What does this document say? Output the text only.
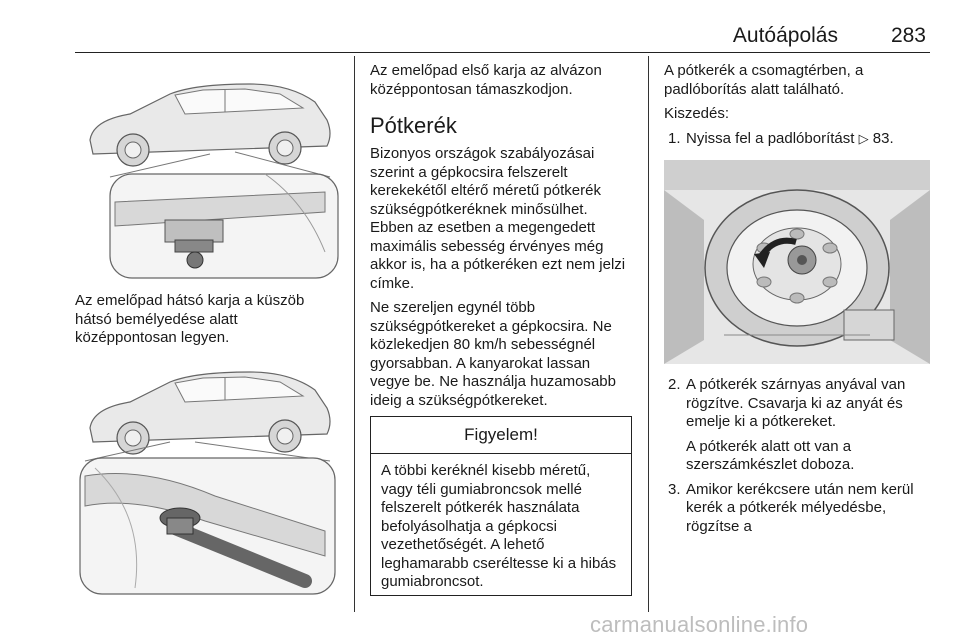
Autóápolás	283

Az emelőpad hátsó karja a küszöb hátsó bemélyedése alatt középpontosan legyen.

Az emelőpad első karja az alvázon középpontosan támaszkodjon.

Pótkerék

Bizonyos országok szabályozásai szerint a gépkocsira felszerelt kerekekétől eltérő méretű pótkerék szükségpótkeréknek minősülhet. Ebben az esetben a megengedett maximális sebesség érvényes még akkor is, ha a pótkeréken ezt nem jelzi címke.

Ne szereljen egynél több szükségpótkereket a gépkocsira. Ne közlekedjen 80 km/h sebességnél gyorsabban. A kanyarokat lassan vegye be. Ne használja huzamosabb ideig a szükségpótkereket.

Figyelem!
A többi keréknél kisebb méretű, vagy téli gumiabroncsok mellé felszerelt pótkerék használata befolyásolhatja a gépkocsi vezethetőségét. A lehető leghamarabb cseréltesse ki a hibás gumiabroncsot.

A pótkerék a csomagtérben, a padlóborítás alatt található.

Kiszedés:

1. Nyissa fel a padlóborítást ▷ 83.
2. A pótkerék szárnyas anyával van rögzítve. Csavarja ki az anyát és emelje ki a pótkereket.
A pótkerék alatt ott van a szerszámkészlet doboza.
3. Amikor kerékcsere után nem kerül kerék a pótkerék mélyedésbe, rögzítse a
carmanualsonline.info
